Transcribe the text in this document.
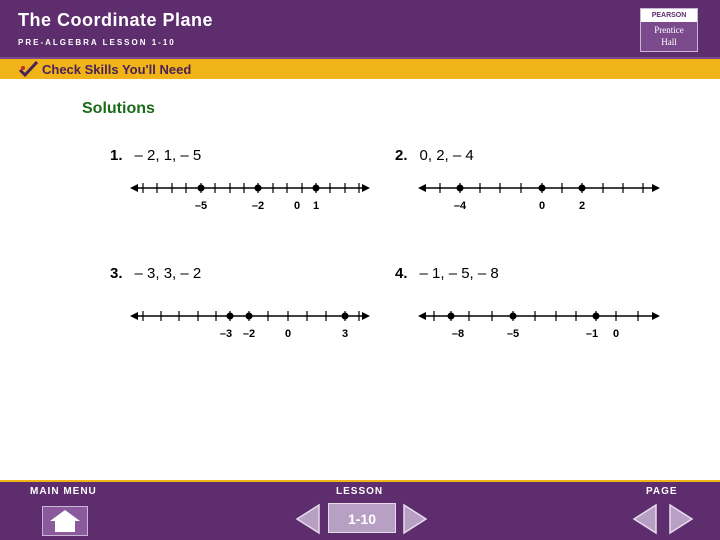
The Coordinate Plane
PRE-ALGEBRA LESSON 1-10
PEARSON
Prentice
Hall
Check Skills You'll Need
Solutions
1. – 2, 1, – 5
–5	–2	0 1
2. 0, 2, – 4
–4	0	2
3. – 3, 3, – 2
–3 –2	0	3
4. – 1, – 5, – 8
–8	–5	–1 0
MAIN MENU	LESSON	PAGE
1-10
